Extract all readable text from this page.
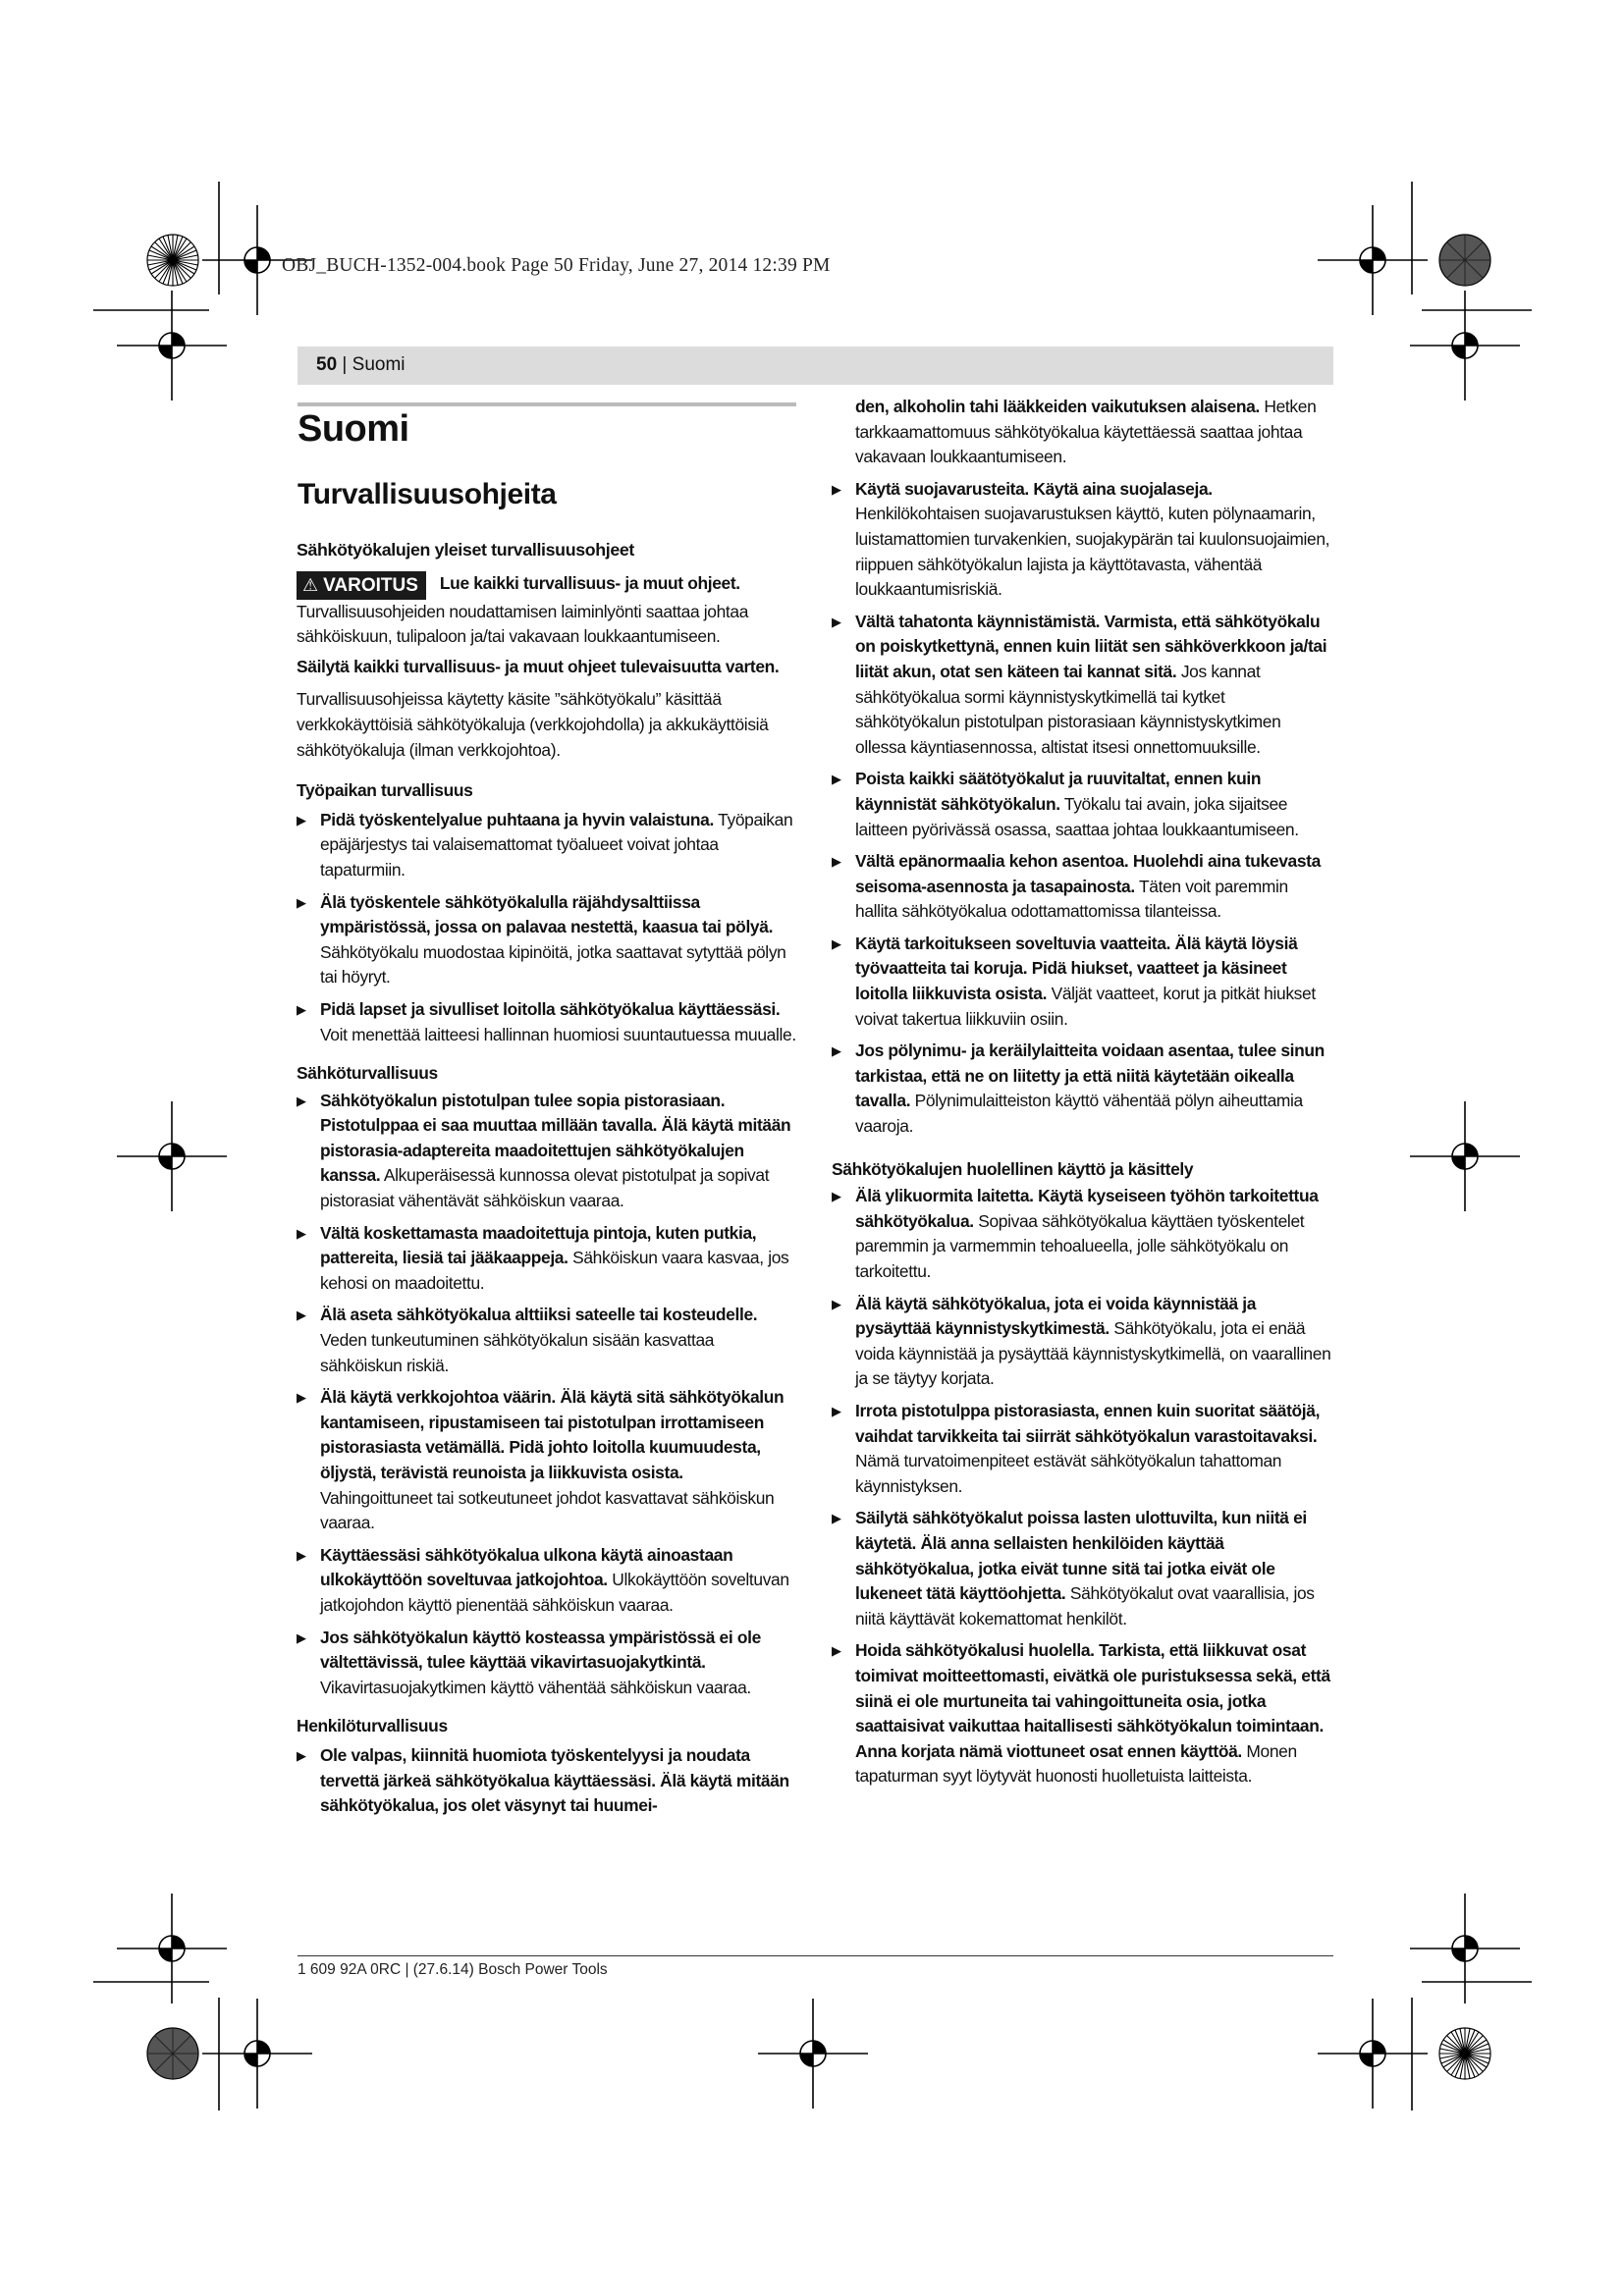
OBJ_BUCH-1352-004.book Page 50 Friday, June 27, 2014 12:39 PM
50 | Suomi
Suomi
Turvallisuusohjeita

Sähkötyökalujen yleiset turvallisuusohjeet

⚠ VAROITUS Lue kaikki turvallisuus- ja muut ohjeet. Turvallisuusohjeiden noudattamisen laiminlyönti saattaa johtaa sähköiskuun, tulipaloon ja/tai vakavaan loukkaantumiseen.

Säilytä kaikki turvallisuus- ja muut ohjeet tulevaisuutta varten.

Turvallisuusohjeissa käytetty käsite ”sähkötyökalu” käsittää verkkokäyttöisiä sähkötyökaluja (verkkojohdolla) ja akkukäyttöisiä sähkötyökaluja (ilman verkkojohtoa).

Työpaikan turvallisuus

▶ Pidä työskentelyalue puhtaana ja hyvin valaistuna. Työpaikan epäjärjestys tai valaisemattomat työalueet voivat johtaa tapaturmiin.
▶ Älä työskentele sähkötyökalulla räjähdysalttiissa ympäristössä, jossa on palavaa nestettä, kaasua tai pölyä. Sähkötyökalu muodostaa kipinöitä, jotka saattavat sytyttää pölyn tai höyryt.
▶ Pidä lapset ja sivulliset loitolla sähkötyökalua käyttäessäsi. Voit menettää laitteesi hallinnan huomiosi suuntautuessa muualle.

Sähköturvallisuus

▶ Sähkötyökalun pistotulpan tulee sopia pistorasiaan. Pistotulppaa ei saa muuttaa millään tavalla. Älä käytä mitään pistorasia-adaptereita maadoitettujen sähkötyökalujen kanssa. Alkuperäisessä kunnossa olevat pistotulpat ja sopivat pistorasiat vähentävät sähköiskun vaaraa.
▶ Vältä koskettamasta maadoitettuja pintoja, kuten putkia, pattereita, liesiä tai jääkaappeja. Sähköiskun vaara kasvaa, jos kehosi on maadoitettu.
▶ Älä aseta sähkötyökalua alttiiksi sateelle tai kosteudelle. Veden tunkeutuminen sähkötyökalun sisään kasvattaa sähköiskun riskiä.
▶ Älä käytä verkkojohtoa väärin. Älä käytä sitä sähkötyökalun kantamiseen, ripustamiseen tai pistotulpan irrottamiseen pistorasiasta vetämällä. Pidä johto loitolla kuumuudesta, öljystä, terävistä reunoista ja liikkuvista osista. Vahingoittuneet tai sotkeutuneet johdot kasvattavat sähköiskun vaaraa.
▶ Käyttäessäsi sähkötyökalua ulkona käytä ainoastaan ulkokäyttöön soveltuvaa jatkojohtoa. Ulkokäyttöön soveltuvan jatkojohdon käyttö pienentää sähköiskun vaaraa.
▶ Jos sähkötyökalun käyttö kosteassa ympäristössä ei ole vältettävissä, tulee käyttää vikavirtasuojakytkintä. Vikavirtasuojakytkimen käyttö vähentää sähköiskun vaaraa.

Henkilöturvallisuus

▶ Ole valpas, kiinnitä huomiota työskentelyysi ja noudata tervettä järkeä sähkötyökalua käyttäessäsi. Älä käytä mitään sähkötyökalua, jos olet väsynyt tai huumei-
den, alkoholin tahi lääkkeiden vaikutuksen alaisena. Hetken tarkkaamattomuus sähkötyökalua käytettäessä saattaa johtaa vakavaan loukkaantumiseen.
▶ Käytä suojavarusteita. Käytä aina suojalaseja. Henkilökohtaisen suojavarustuksen käyttö, kuten pölynaamarin, luistamattomien turvakenkien, suojakypärän tai kuulonsuojaimien, riippuen sähkötyökalun lajista ja käyttötavasta, vähentää loukkaantumisriskiä.
▶ Vältä tahatonta käynnistämistä. Varmista, että sähkötyökalu on poiskytkettynä, ennen kuin liität sen sähköverkkoon ja/tai liität akun, otat sen käteen tai kannat sitä. Jos kannat sähkötyökalua sormi käynnistyskytkimellä tai kytket sähkötyökalun pistotulpan pistorasiaan käynnistyskytkimen ollessa käyntiasennossa, altistat itsesi onnettomuuksille.
▶ Poista kaikki säätötyökalut ja ruuvitaltat, ennen kuin käynnistät sähkötyökalun. Työkalu tai avain, joka sijaitsee laitteen pyörivässä osassa, saattaa johtaa loukkaantumiseen.
▶ Vältä epänormaalia kehon asentoa. Huolehdi aina tukevasta seisoma-asennosta ja tasapainosta. Täten voit paremmin hallita sähkötyökalua odottamattomissa tilanteissa.
▶ Käytä tarkoitukseen soveltuvia vaatteita. Älä käytä löysiä työvaatteita tai koruja. Pidä hiukset, vaatteet ja käsineet loitolla liikkuvista osista. Väljät vaatteet, korut ja pitkät hiukset voivat takertua liikkuviin osiin.
▶ Jos pölynimu- ja keräilylaitteita voidaan asentaa, tulee sinun tarkistaa, että ne on liitetty ja että niitä käytetään oikealla tavalla. Pölynimulaitteiston käyttö vähentää pölyn aiheuttamia vaaroja.

Sähkötyökalujen huolellinen käyttö ja käsittely

▶ Älä ylikuormita laitetta. Käytä kyseiseen työhön tarkoitettua sähkötyökalua. Sopivaa sähkötyökalua käyttäen työskentelet paremmin ja varmemmin tehoalueella, jolle sähkötyökalu on tarkoitettu.
▶ Älä käytä sähkötyökalua, jota ei voida käynnistää ja pysäyttää käynnistyskytkimestä. Sähkötyökalu, jota ei enää voida käynnistää ja pysäyttää käynnistyskytkimellä, on vaarallinen ja se täytyy korjata.
▶ Irrota pistotulppa pistorasiasta, ennen kuin suoritat säätöjä, vaihdat tarvikkeita tai siirrät sähkötyökalun varastoitavaksi. Nämä turvatoimenpiteet estävät sähkötyökalun tahattoman käynnistyksen.
▶ Säilytä sähkötyökalut poissa lasten ulottuvilta, kun niitä ei käytetä. Älä anna sellaisten henkilöiden käyttää sähkötyökalua, jotka eivät tunne sitä tai jotka eivät ole lukeneet tätä käyttöohjetta. Sähkötyökalut ovat vaarallisia, jos niitä käyttävät kokemattomat henkilöt.
▶ Hoida sähkötyökalusi huolella. Tarkista, että liikkuvat osat toimivat moitteettomasti, eivätkä ole puristuksessa sekä, että siinä ei ole murtuneita tai vahingoittuneita osia, jotka saattaisivat vaikuttaa haitallisesti sähkötyökalun toimintaan. Anna korjata nämä viottuneet osat ennen käyttöä. Monen tapaturman syyt löytyvät huonosti huolletuista laitteista.
1 609 92A 0RC | (27.6.14) Bosch Power Tools
